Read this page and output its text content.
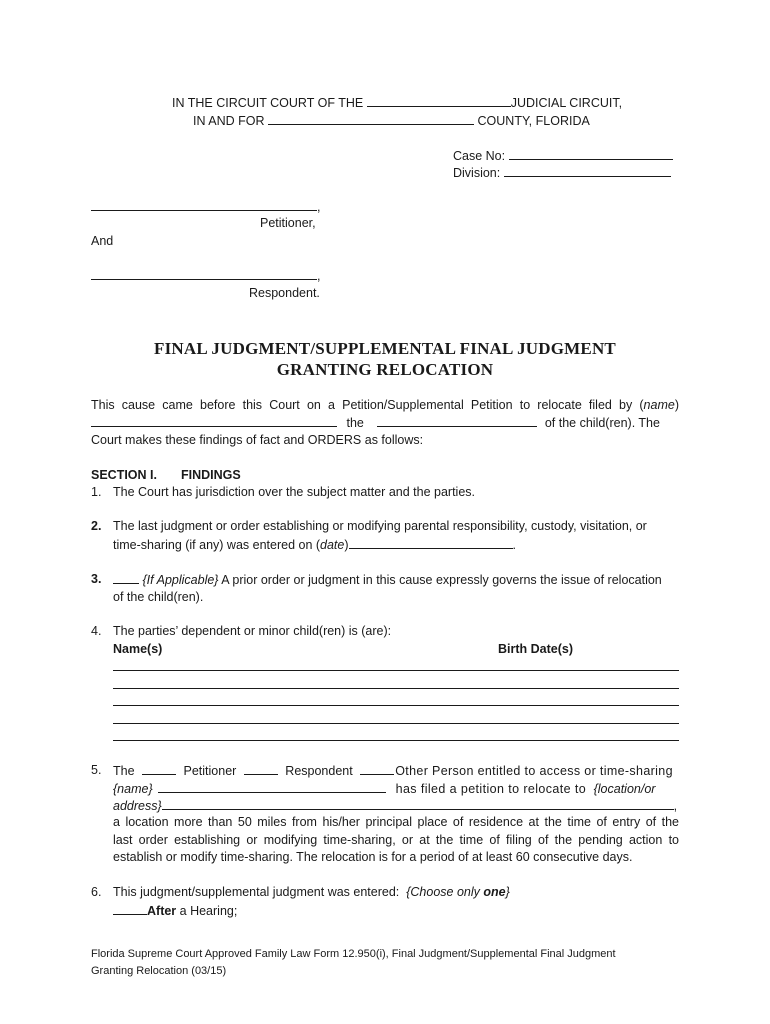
IN THE CIRCUIT COURT OF THE	JUDICIAL CIRCUIT,
IN AND FOR	COUNTY, FLORIDA
Case No:
Division:
,
Petitioner,
And
,
Respondent.
FINAL JUDGMENT/SUPPLEMENTAL FINAL JUDGMENT
GRANTING RELOCATION
This cause came before this Court on a Petition/Supplemental Petition to relocate filed by (name)
the	of the child(ren). The
Court makes these findings of fact and ORDERS as follows:
SECTION I. FINDINGS
1. The Court has jurisdiction over the subject matter and the parties.
2. The last judgment or order establishing or modifying parental responsibility, custody, visitation, or
time-sharing (if any) was entered on (date)	.
3.	{If Applicable} A prior order or judgment in this cause expressly governs the issue of relocation
of the child(ren).
4. The parties’ dependent or minor child(ren) is (are):
Name(s)	Birth Date(s)
5. The	Petitioner	Respondent	Other Person entitled to access or time-sharing
{name}	has filed a petition to relocate to {location/or
address}	,
a location more than 50 miles from his/her principal place of residence at the time of entry of the
last order establishing or modifying time-sharing, or at the time of filing of the pending action to
establish or modify time-sharing. The relocation is for a period of at least 60 consecutive days.
6. This judgment/supplemental judgment was entered:  {Choose only one}
After a Hearing;
Florida Supreme Court Approved Family Law Form 12.950(i), Final Judgment/Supplemental Final Judgment
Granting Relocation (03/15)
